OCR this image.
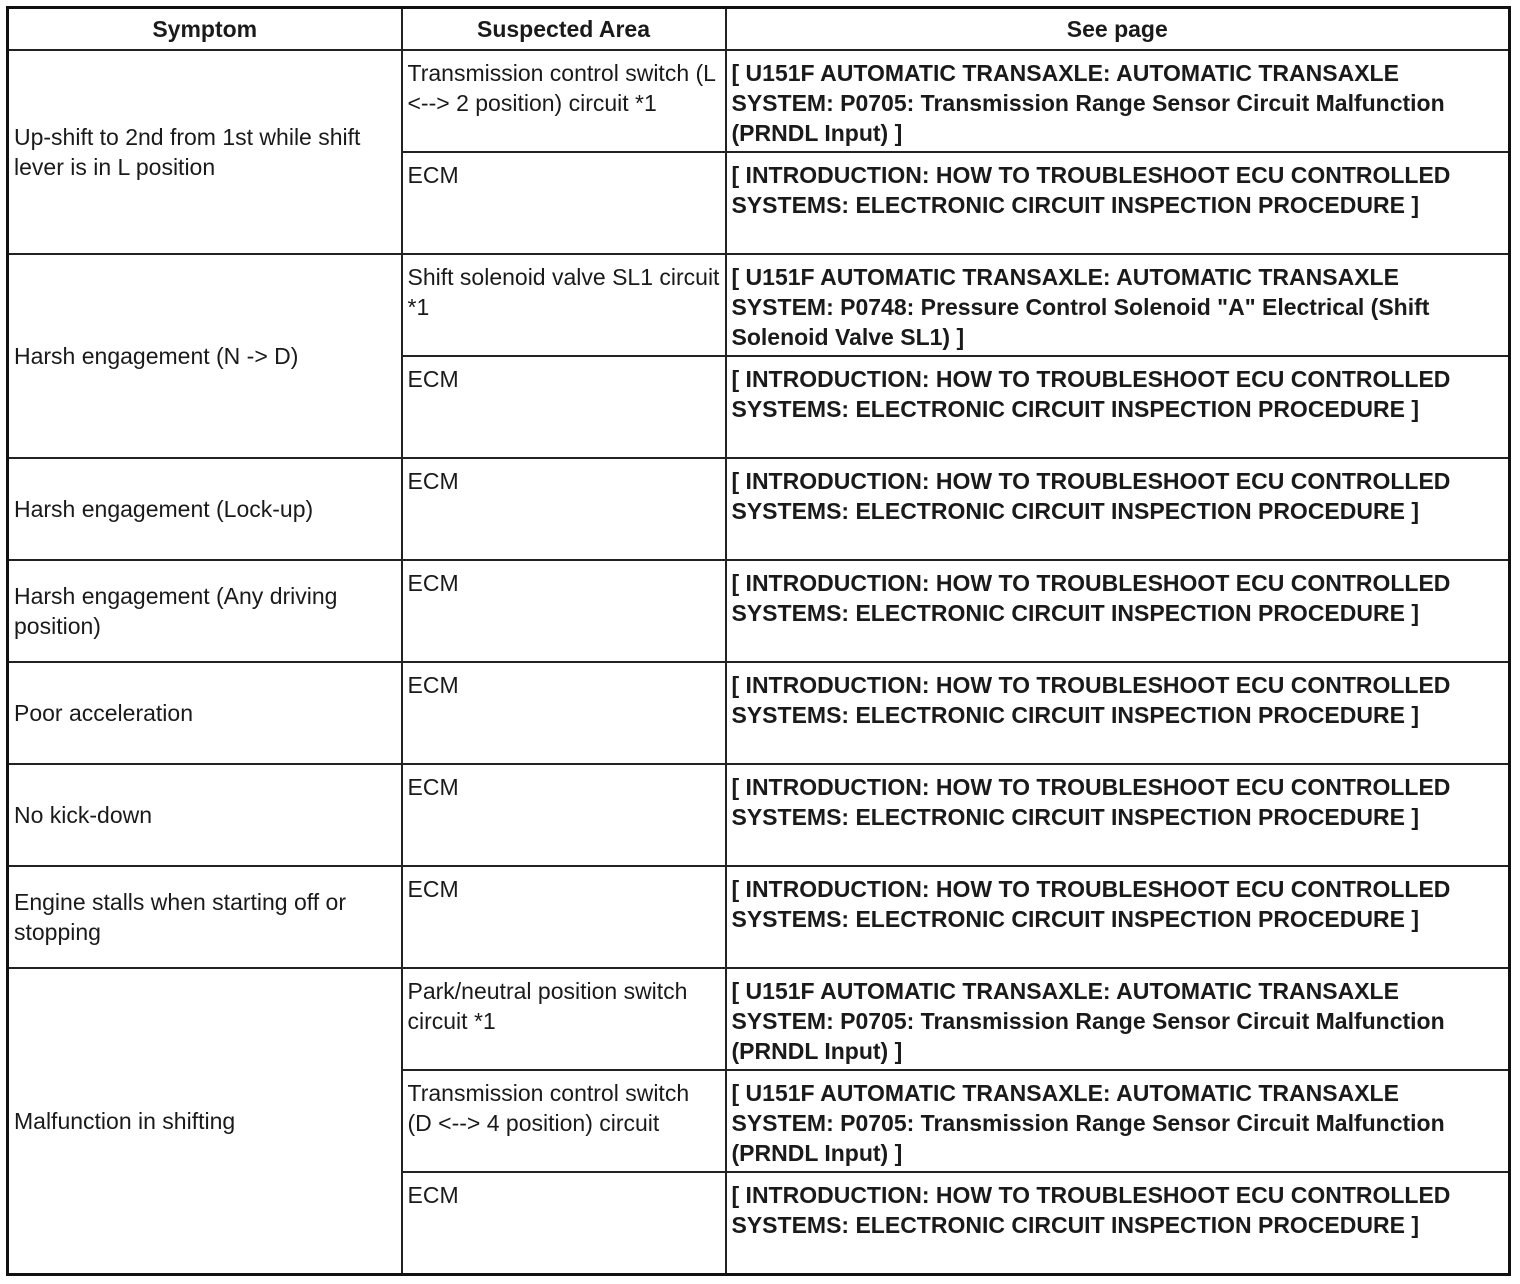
Symptom	Suspected Area	See page
Up-shift to 2nd from 1st while shift lever is in L position	Transmission control switch (L <--> 2 position) circuit *1	[ U151F AUTOMATIC TRANSAXLE: AUTOMATIC TRANSAXLE SYSTEM: P0705: Transmission Range Sensor Circuit Malfunction (PRNDL Input) ]
	ECM	[ INTRODUCTION: HOW TO TROUBLESHOOT ECU CONTROLLED SYSTEMS: ELECTRONIC CIRCUIT INSPECTION PROCEDURE ]
Harsh engagement (N -> D)	Shift solenoid valve SL1 circuit *1	[ U151F AUTOMATIC TRANSAXLE: AUTOMATIC TRANSAXLE SYSTEM: P0748: Pressure Control Solenoid "A" Electrical (Shift Solenoid Valve SL1) ]
	ECM	[ INTRODUCTION: HOW TO TROUBLESHOOT ECU CONTROLLED SYSTEMS: ELECTRONIC CIRCUIT INSPECTION PROCEDURE ]
Harsh engagement (Lock-up)	ECM	[ INTRODUCTION: HOW TO TROUBLESHOOT ECU CONTROLLED SYSTEMS: ELECTRONIC CIRCUIT INSPECTION PROCEDURE ]
Harsh engagement (Any driving position)	ECM	[ INTRODUCTION: HOW TO TROUBLESHOOT ECU CONTROLLED SYSTEMS: ELECTRONIC CIRCUIT INSPECTION PROCEDURE ]
Poor acceleration	ECM	[ INTRODUCTION: HOW TO TROUBLESHOOT ECU CONTROLLED SYSTEMS: ELECTRONIC CIRCUIT INSPECTION PROCEDURE ]
No kick-down	ECM	[ INTRODUCTION: HOW TO TROUBLESHOOT ECU CONTROLLED SYSTEMS: ELECTRONIC CIRCUIT INSPECTION PROCEDURE ]
Engine stalls when starting off or stopping	ECM	[ INTRODUCTION: HOW TO TROUBLESHOOT ECU CONTROLLED SYSTEMS: ELECTRONIC CIRCUIT INSPECTION PROCEDURE ]
Malfunction in shifting	Park/neutral position switch circuit *1	[ U151F AUTOMATIC TRANSAXLE: AUTOMATIC TRANSAXLE SYSTEM: P0705: Transmission Range Sensor Circuit Malfunction (PRNDL Input) ]
	Transmission control switch (D <--> 4 position) circuit	[ U151F AUTOMATIC TRANSAXLE: AUTOMATIC TRANSAXLE SYSTEM: P0705: Transmission Range Sensor Circuit Malfunction (PRNDL Input) ]
	ECM	[ INTRODUCTION: HOW TO TROUBLESHOOT ECU CONTROLLED SYSTEMS: ELECTRONIC CIRCUIT INSPECTION PROCEDURE ]
